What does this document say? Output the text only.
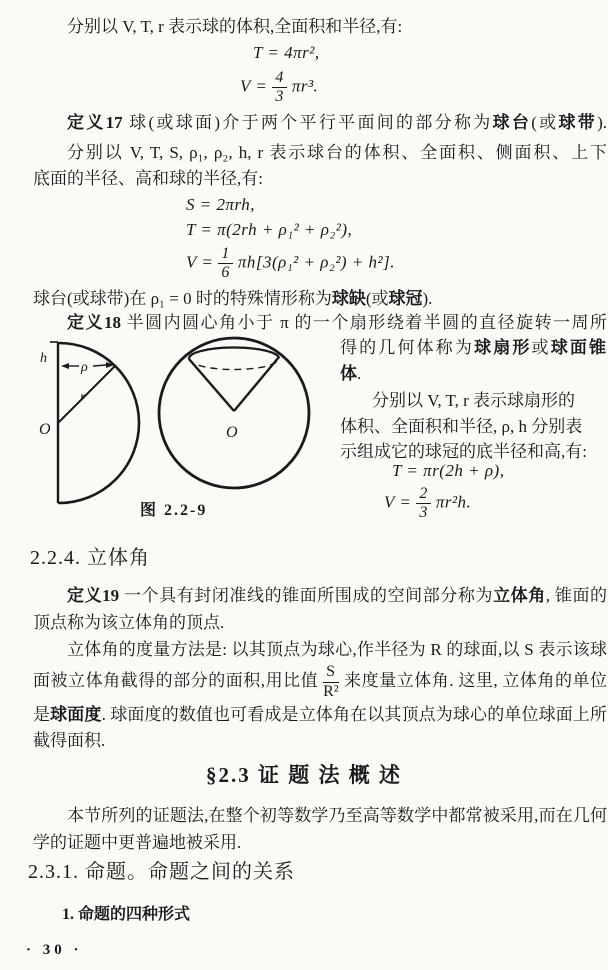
分别以 V, T, r 表示球的体积,全面积和半径,有:
T = 4πr²,
$V = \frac{4}{3} \pi r^3$.
定义17 球(或球面)介于两个平行平面间的部分称为球台(或球带).
分别以 V, T, S, ρ₁, ρ₂, h, r 表示球台的体积、全面积、侧面积、上下
底面的半径、高和球的半径,有:
S = 2πrh,
T = π(2rh + ρ₁² + ρ₂²),
$V = \frac{1}{6} \pi h[3(\rho_1^2 + \rho_2^2) + h^2]$.
球台(或球带)在 ρ₁ = 0 时的特殊情形称为球缺(或球冠).
定义18 半圆内圆心角小于 π 的一个扇形绕着半圆的直径旋转一周所
h
ρ
r
O	O
图 2.2-9
得的几何体称为球扇形或球面锥
体.
分别以 V, T, r 表示球扇形的
体积、全面积和半径, ρ, h 分别表
示组成它的球冠的底半径和高,有:
T = πr(2h + ρ),
$V = \frac{2}{3} \pi r^2h$.
2.2.4. 立体角
定义19 一个具有封闭准线的锥面所围成的空间部分称为立体角, 锥面的
顶点称为该立体角的顶点.
立体角的度量方法是: 以其顶点为球心,作半径为 R 的球面,以 S 表示该球
面被立体角截得的部分的面积,用比值 $\frac{S}{\text{R²}}$ 来度量立体角. 这里, 立体角的单位
是球面度. 球面度的数值也可看成是立体角在以其顶点为球心的单位球面上所
截得面积.
§2.3 证 题 法 概 述
本节所列的证题法,在整个初等数学乃至高等数学中都常被采用,而在几何
学的证题中更普遍地被采用.
2.3.1. 命题。命题之间的关系
1. 命题的四种形式
· 30 ·
